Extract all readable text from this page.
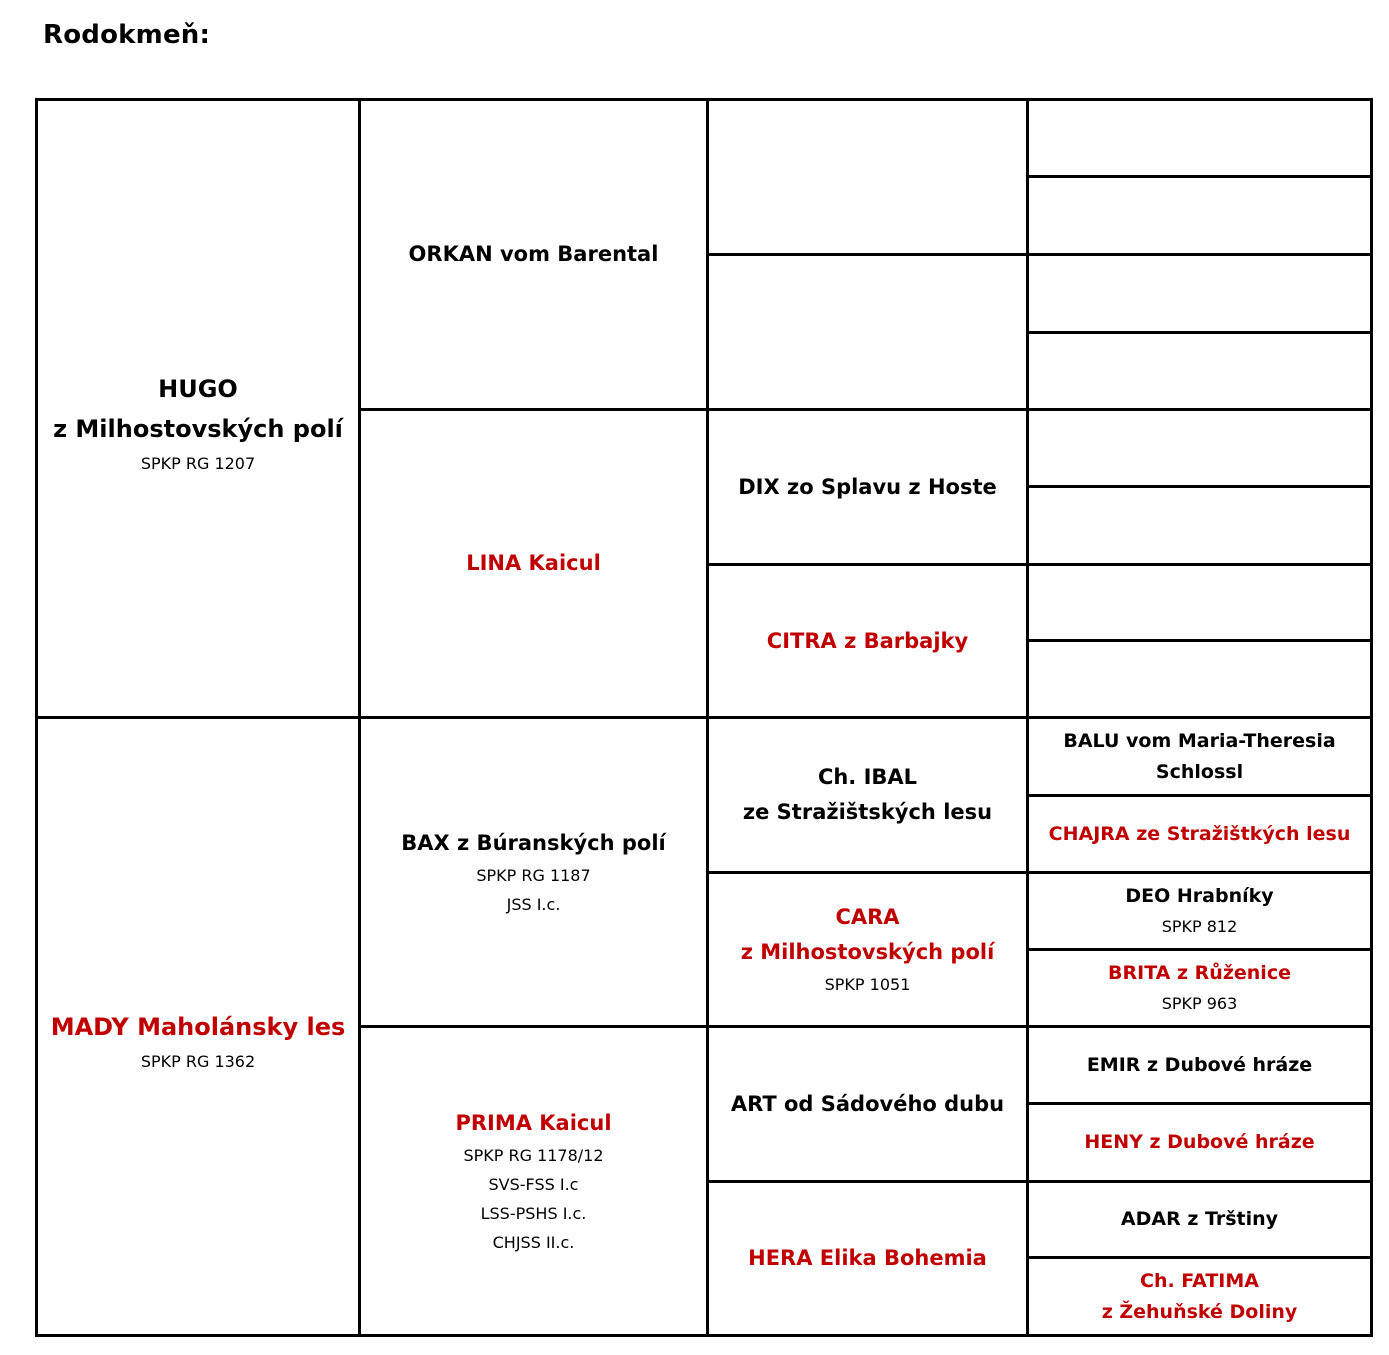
Rodokmeň:
HUGO
z Milhostovských polí
SPKP RG 1207
MADY Maholánsky les
SPKP RG 1362
ORKAN vom Barental
LINA Kaicul
BAX z Búranských polí
SPKP RG 1187
JSS I.c.
PRIMA Kaicul
SPKP RG 1178/12
SVS-FSS I.c
LSS-PSHS I.c.
CHJSS II.c.
DIX zo Splavu z Hoste
CITRA z Barbajky
Ch. IBAL
ze Stražištských lesu
CARA
z Milhostovských polí
SPKP 1051
ART od Sádového dubu
HERA Elika Bohemia
BALU vom Maria-Theresia
Schlossl
CHAJRA ze Stražištkých lesu
DEO Hrabníky
SPKP 812
BRITA z Růženice
SPKP 963
EMIR z Dubové hráze
HENY z Dubové hráze
ADAR z Trštiny
Ch. FATIMA
z Žehuňské Doliny
